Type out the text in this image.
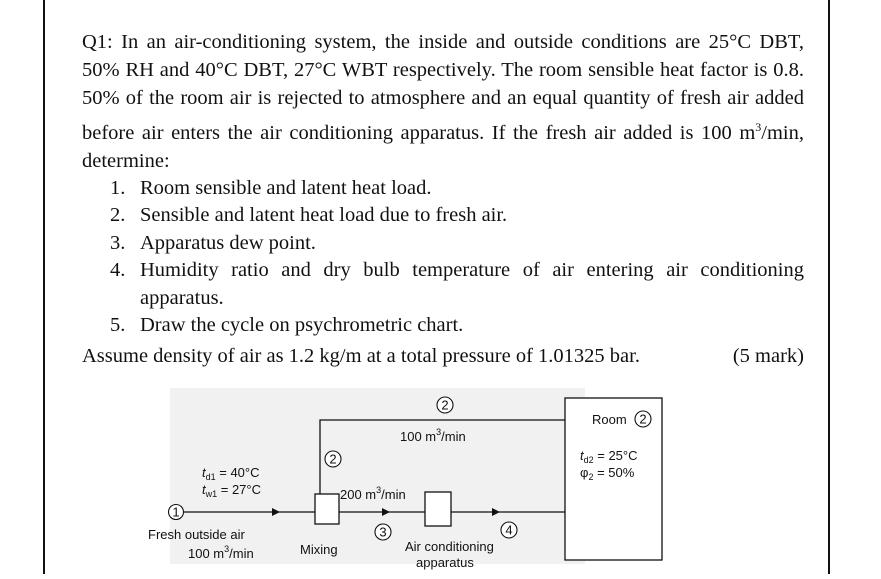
Q1: In an air-conditioning system, the inside and outside conditions are 25°C DBT, 50% RH and 40°C DBT, 27°C WBT respectively. The room sensible heat factor is 0.8. 50% of the room air is rejected to atmosphere and an equal quantity of fresh air added before air enters the air conditioning apparatus. If the fresh air added is 100 $m^3/\min$, determine:

1. Room sensible and latent heat load.
2. Sensible and latent heat load due to fresh air.
3. Apparatus dew point.
4. Humidity ratio and dry bulb temperature of air entering air conditioning apparatus.
5. Draw the cycle on psychrometric chart.
Assume density of air as 1.2 kg/m at a total pressure of 1.01325 bar.	(5 mark)
1
2
2
3	4
2
Room
100 $m^3/\min$
200 $m^3/\min$
$t_{d1} = 40^\circ C$
$t_{w1} = 27^\circ C$
$t_{d2} = 25^\circ C$
$\varphi_2 = 50\%$
Fresh outside air
100 $m^3/\min$	Mixing	Air conditioning
apparatus
